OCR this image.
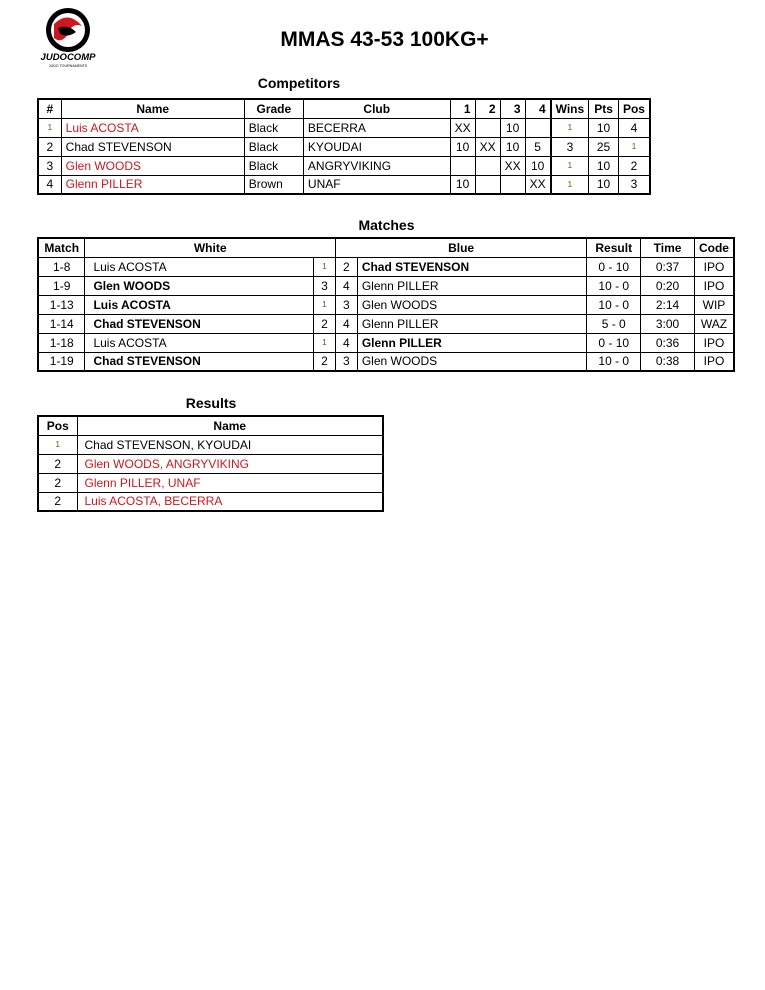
JUDOCOMP
JUDO TOURNAMENTS
MMAS 43-53 100KG+
Competitors
#	Name	Grade	Club	1	2	3	4	Wins	Pts	Pos
1	Luis ACOSTA	Black	BECERRA	XX		10		1	10	4
2	Chad STEVENSON	Black	KYOUDAI	10	XX	10	5	3	25	1
3	Glen WOODS	Black	ANGRYVIKING			XX	10	1	10	2
4	Glenn PILLER	Brown	UNAF	10			XX	1	10	3
Matches
Match	White		Blue		Result	Time	Code
1-8	Luis ACOSTA	1	2	Chad STEVENSON	0 - 10	0:37	IPO
1-9	Glen WOODS	3	4	Glenn PILLER	10 - 0	0:20	IPO
1-13	Luis ACOSTA	1	3	Glen WOODS	10 - 0	2:14	WIP
1-14	Chad STEVENSON	2	4	Glenn PILLER	5 - 0	3:00	WAZ
1-18	Luis ACOSTA	1	4	Glenn PILLER	0 - 10	0:36	IPO
1-19	Chad STEVENSON	2	3	Glen WOODS	10 - 0	0:38	IPO
Results
Pos	Name
1	Chad STEVENSON, KYOUDAI
2	Glen WOODS, ANGRYVIKING
2	Glenn PILLER, UNAF
2	Luis ACOSTA, BECERRA
